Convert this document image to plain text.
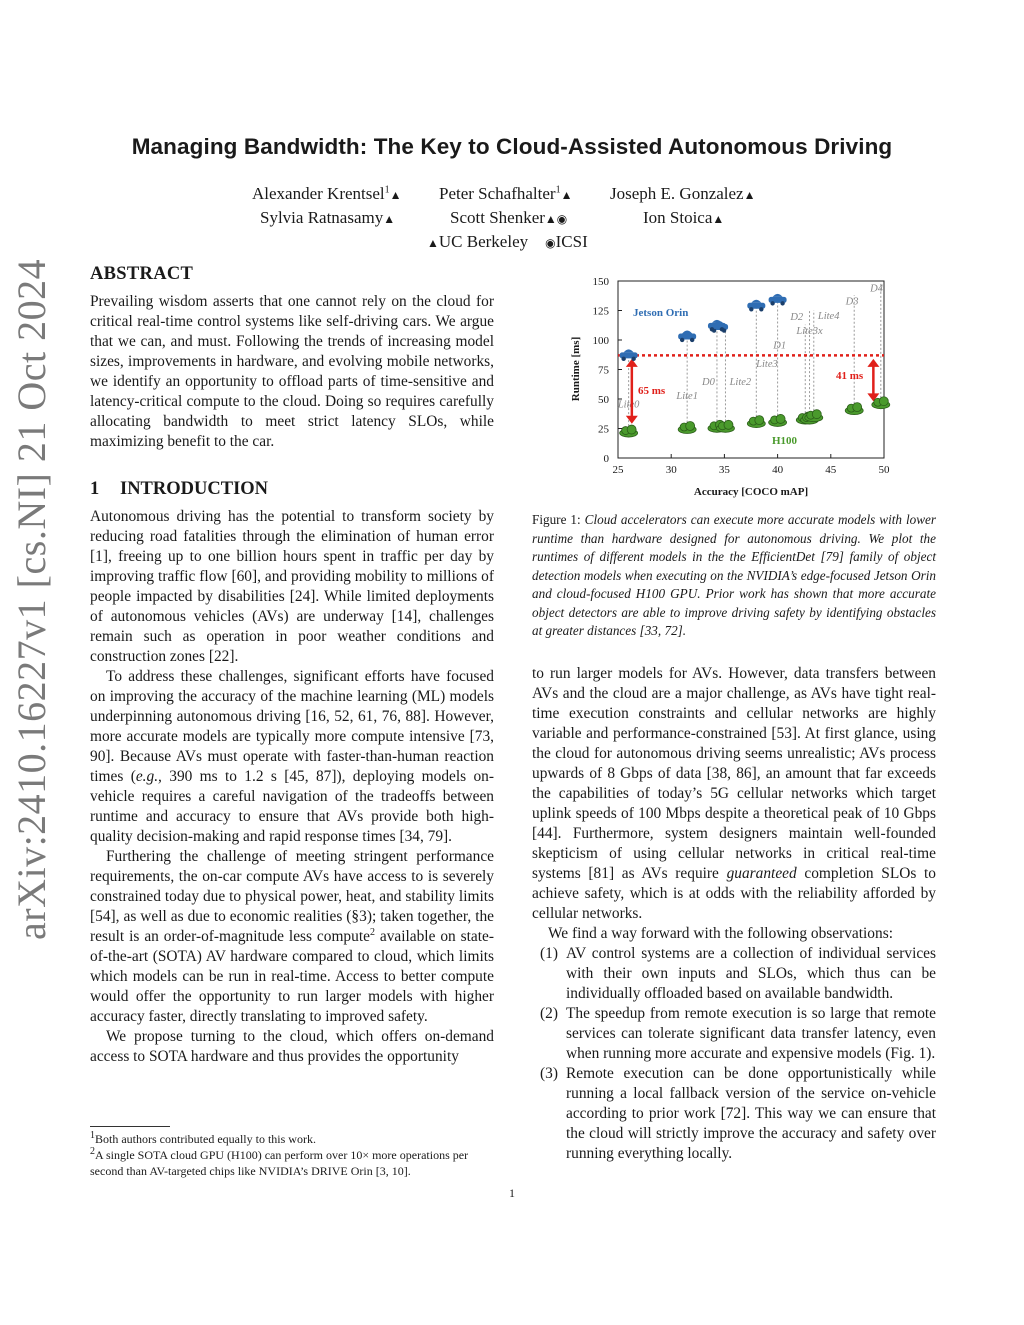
arXiv:2410.16227v1 [cs.NI] 21 Oct 2024
Managing Bandwidth: The Key to Cloud-Assisted Autonomous Driving
Alexander Krentsel$^1$▲ Peter Schafhalter$^1$▲ Joseph E. Gonzalez▲
Sylvia Ratnasamy▲	Scott Shenker▲◉	Ion Stoica▲
▲UC Berkeley ◉ICSI
ABSTRACT

Prevailing wisdom asserts that one cannot rely on the cloud for critical real-time control systems like self-driving cars. We argue that we can, and must. Following the trends of increasing model sizes, improvements in hardware, and evolving mobile networks, we identify an opportunity to offload parts of time-sensitive and latency-critical compute to the cloud. Doing so requires carefully allocating bandwidth to meet strict latency SLOs, while maximizing benefit to the car.

1 INTRODUCTION

Autonomous driving has the potential to transform society by reducing road fatalities through the elimination of human error [1], freeing up to one billion hours spent in traffic per day by improving traffic flow [60], and providing mobility to millions of people impacted by disabilities [24]. While limited deployments of autonomous vehicles (AVs) are underway [14], challenges remain such as operation in poor weather conditions and construction zones [22].

To address these challenges, significant efforts have focused on improving the accuracy of the machine learning (ML) models underpinning autonomous driving [16, 52, 61, 76, 88]. However, more accurate models are typically more compute intensive [73, 90]. Because AVs must operate with faster-than-human reaction times (e.g., 390 ms to 1.2 s [45, 87]), deploying models on-vehicle requires a careful navigation of the tradeoffs between runtime and accuracy to ensure that AVs provide both high-quality decision-making and rapid response times [34, 79].

Furthering the challenge of meeting stringent performance requirements, the on-car compute AVs have access to is severely constrained today due to physical power, heat, and stability limits [54], as well as due to economic realities (§3); taken together, the result is an order-of-magnitude less compute$^2$ available on state-of-the-art (SOTA) AV hardware compared to cloud, which limits which models can be run in real-time. Access to better compute would offer the opportunity to run larger models with higher accuracy faster, directly translating to improved safety.

We propose turning to the cloud, which offers on-demand access to SOTA hardware and thus provides the opportunity

$^1$Both authors contributed equally to this work.

$^2$A single SOTA cloud GPU (H100) can perform over 10× more operations per second than AV-targeted chips like NVIDIA’s DRIVE Orin [3, 10].

1
Lite0
Lite1
D0 Lite2
Lite3
D1
D2 Lite4
Lite3x
D3
D4
25	30	35	40	45	50
0
25
50
75
100
125
150
Jetson Orin
H100
65 ms
41 ms
Accuracy [COCO mAP]
Runtime [ms]
Figure 1: Cloud accelerators can execute more accurate models with lower runtime than hardware designed for autonomous driving. We plot the runtimes of different models in the the EfficientDet [79] family of object detection models when executing on the NVIDIA’s edge-focused Jetson Orin and cloud-focused H100 GPU. Prior work has shown that more accurate object detectors are able to improve driving safety by identifying obstacles at greater distances [33, 72].

to run larger models for AVs. However, data transfers between AVs and the cloud are a major challenge, as AVs have tight real-time execution constraints and cellular networks are highly variable and performance-constrained [53]. At first glance, using the cloud for autonomous driving seems unrealistic; AVs process upwards of 8 Gbps of data [38, 86], an amount that far exceeds the capabilities of today’s 5G cellular networks which target uplink speeds of 100 Mbps despite a theoretical peak of 10 Gbps [44]. Furthermore, system designers maintain well-founded skepticism of using cellular networks in critical real-time systems [81] as AVs require guaranteed completion SLOs to achieve safety, which is at odds with the reliability afforded by cellular networks.

We find a way forward with the following observations:

(1) AV control systems are a collection of individual services with their own inputs and SLOs, which thus can be individually offloaded based on available bandwidth.
(2) The speedup from remote execution is so large that remote services can tolerate significant data transfer latency, even when running more accurate and expensive models (Fig. 1).
(3) Remote execution can be done opportunistically while running a local fallback version of the service on-vehicle according to prior work [72]. This way we can ensure that the cloud will strictly improve the accuracy and safety over running everything locally.
